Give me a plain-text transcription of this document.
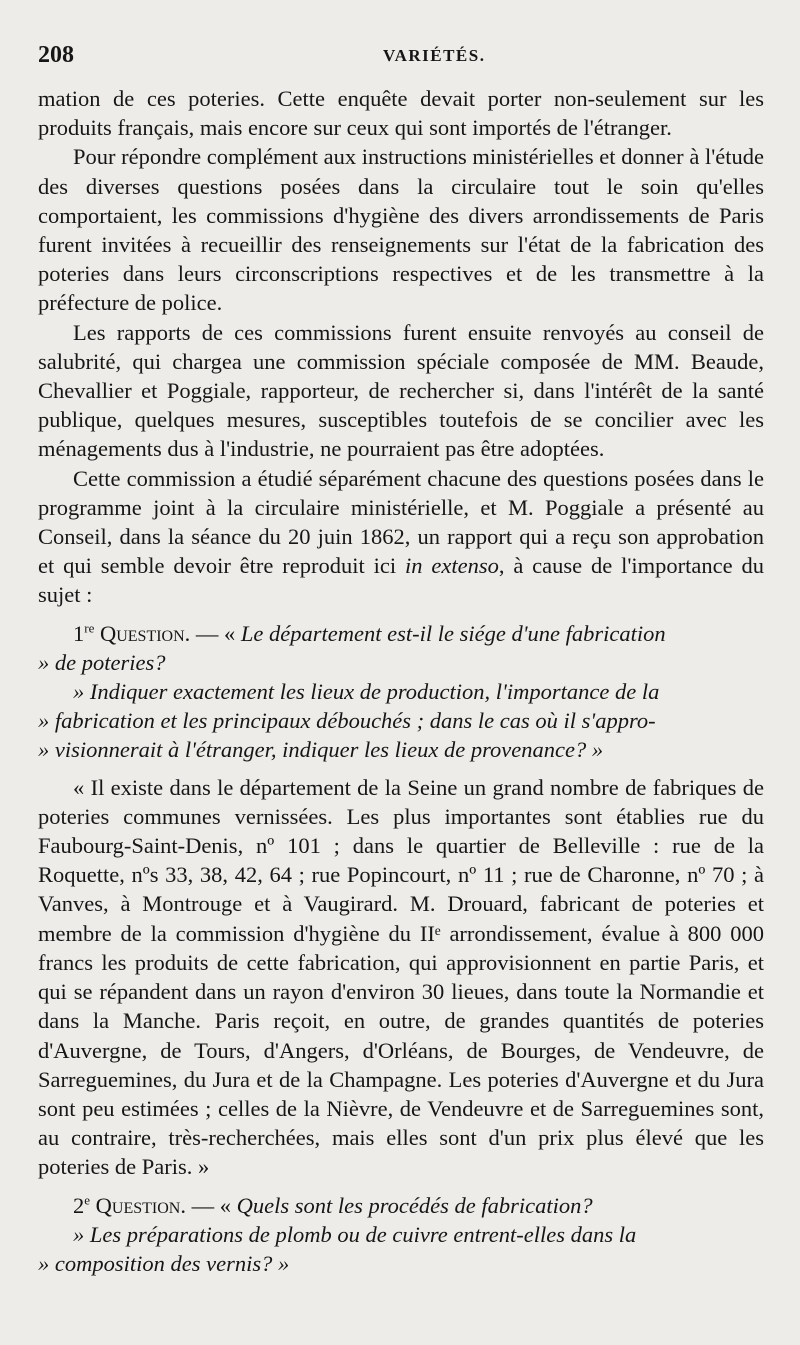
208	VARIÉTÉS.

mation de ces poteries. Cette enquête devait porter non-seulement sur les produits français, mais encore sur ceux qui sont importés de l'étranger.

Pour répondre complément aux instructions ministérielles et donner à l'étude des diverses questions posées dans la circulaire tout le soin qu'elles comportaient, les commissions d'hygiène des divers arrondissements de Paris furent invitées à recueillir des renseignements sur l'état de la fabrication des poteries dans leurs circonscriptions respectives et de les transmettre à la préfecture de police.

Les rapports de ces commissions furent ensuite renvoyés au conseil de salubrité, qui chargea une commission spéciale composée de MM. Beaude, Chevallier et Poggiale, rapporteur, de rechercher si, dans l'intérêt de la santé publique, quelques mesures, susceptibles toutefois de se concilier avec les ménagements dus à l'industrie, ne pourraient pas être adoptées.

Cette commission a étudié séparément chacune des questions posées dans le programme joint à la circulaire ministérielle, et M. Poggiale a présenté au Conseil, dans la séance du 20 juin 1862, un rapport qui a reçu son approbation et qui semble devoir être reproduit ici in extenso, à cause de l'importance du sujet :

1re Question. — « Le département est-il le siége d'une fabrication

» de poteries?

» Indiquer exactement les lieux de production, l'importance de la

» fabrication et les principaux débouchés ; dans le cas où il s'appro-

» visionnerait à l'étranger, indiquer les lieux de provenance? »

« Il existe dans le département de la Seine un grand nombre de fabriques de poteries communes vernissées. Les plus importantes sont établies rue du Faubourg-Saint-Denis, nº 101 ; dans le quartier de Belleville : rue de la Roquette, nºs 33, 38, 42, 64 ; rue Popincourt, nº 11 ; rue de Charonne, nº 70 ; à Vanves, à Montrouge et à Vaugirard. M. Drouard, fabricant de poteries et membre de la commission d'hygiène du IIᵉ arrondissement, évalue à 800 000 francs les produits de cette fabrication, qui approvisionnent en partie Paris, et qui se répandent dans un rayon d'environ 30 lieues, dans toute la Normandie et dans la Manche. Paris reçoit, en outre, de grandes quantités de poteries d'Auvergne, de Tours, d'Angers, d'Orléans, de Bourges, de Vendeuvre, de Sarreguemines, du Jura et de la Champagne. Les poteries d'Auvergne et du Jura sont peu estimées ; celles de la Nièvre, de Vendeuvre et de Sarreguemines sont, au contraire, très-recherchées, mais elles sont d'un prix plus élevé que les poteries de Paris. »

2e Question. — « Quels sont les procédés de fabrication?

» Les préparations de plomb ou de cuivre entrent-elles dans la

» composition des vernis? »
